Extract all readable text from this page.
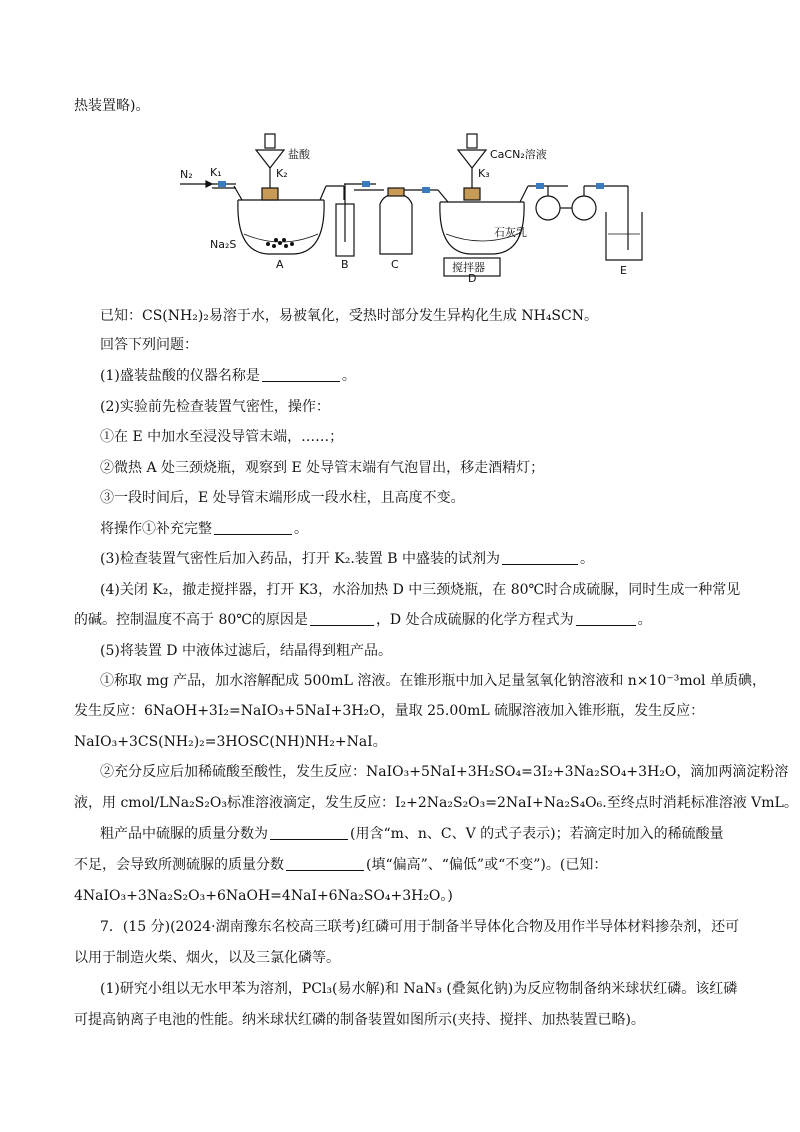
热装置略)。
N₂ K₁
盐酸
K₂
Na₂S
CaCN₂溶液
K₃
石灰乳
搅拌器
A	B	C
D
E
已知：CS(NH₂)₂易溶于水，易被氧化，受热时部分发生异构化生成 NH₄SCN。
回答下列问题：
(1)盛装盐酸的仪器名称是	。
(2)实验前先检查装置气密性，操作：
①在 E 中加水至浸没导管末端，……；
②微热 A 处三颈烧瓶，观察到 E 处导管末端有气泡冒出，移走酒精灯；
③一段时间后，E 处导管末端形成一段水柱，且高度不变。
将操作①补充完整	。
(3)检查装置气密性后加入药品，打开 K₂.装置 B 中盛装的试剂为	。
(4)关闭 K₂，撤走搅拌器，打开 K3，水浴加热 D 中三颈烧瓶，在 80℃时合成硫脲，同时生成一种常见
的碱。控制温度不高于 80℃的原因是	，D 处合成硫脲的化学方程式为	。
(5)将装置 D 中液体过滤后，结晶得到粗产品。
①称取 mg 产品，加水溶解配成 500mL 溶液。在锥形瓶中加入足量氢氧化钠溶液和 n×10⁻³mol 单质碘，
发生反应：6NaOH+3I₂=NaIO₃+5NaI+3H₂O，量取 25.00mL 硫脲溶液加入锥形瓶，发生反应：
NaIO₃+3CS(NH₂)₂=3HOSC(NH)NH₂+NaI。
②充分反应后加稀硫酸至酸性，发生反应：NaIO₃+5NaI+3H₂SO₄=3I₂+3Na₂SO₄+3H₂O，滴加两滴淀粉溶
液，用 cmol/LNa₂S₂O₃标准溶液滴定，发生反应：I₂+2Na₂S₂O₃=2NaI+Na₂S₄O₆.至终点时消耗标准溶液 VmL。
粗产品中硫脲的质量分数为	(用含“m、n、C、V 的式子表示)；若滴定时加入的稀硫酸量
不足，会导致所测硫脲的质量分数	(填“偏高”、“偏低”或“不变”)。(已知：
4NaIO₃+3Na₂S₂O₃+6NaOH=4NaI+6Na₂SO₄+3H₂O。)
7．(15 分)(2024·湖南豫东名校高三联考)红磷可用于制备半导体化合物及用作半导体材料掺杂剂，还可
以用于制造火柴、烟火，以及三氯化磷等。
(1)研究小组以无水甲苯为溶剂，PCl₃(易水解)和 NaN₃ (叠氮化钠)为反应物制备纳米球状红磷。该红磷
可提高钠离子电池的性能。纳米球状红磷的制备装置如图所示(夹持、搅拌、加热装置已略)。
